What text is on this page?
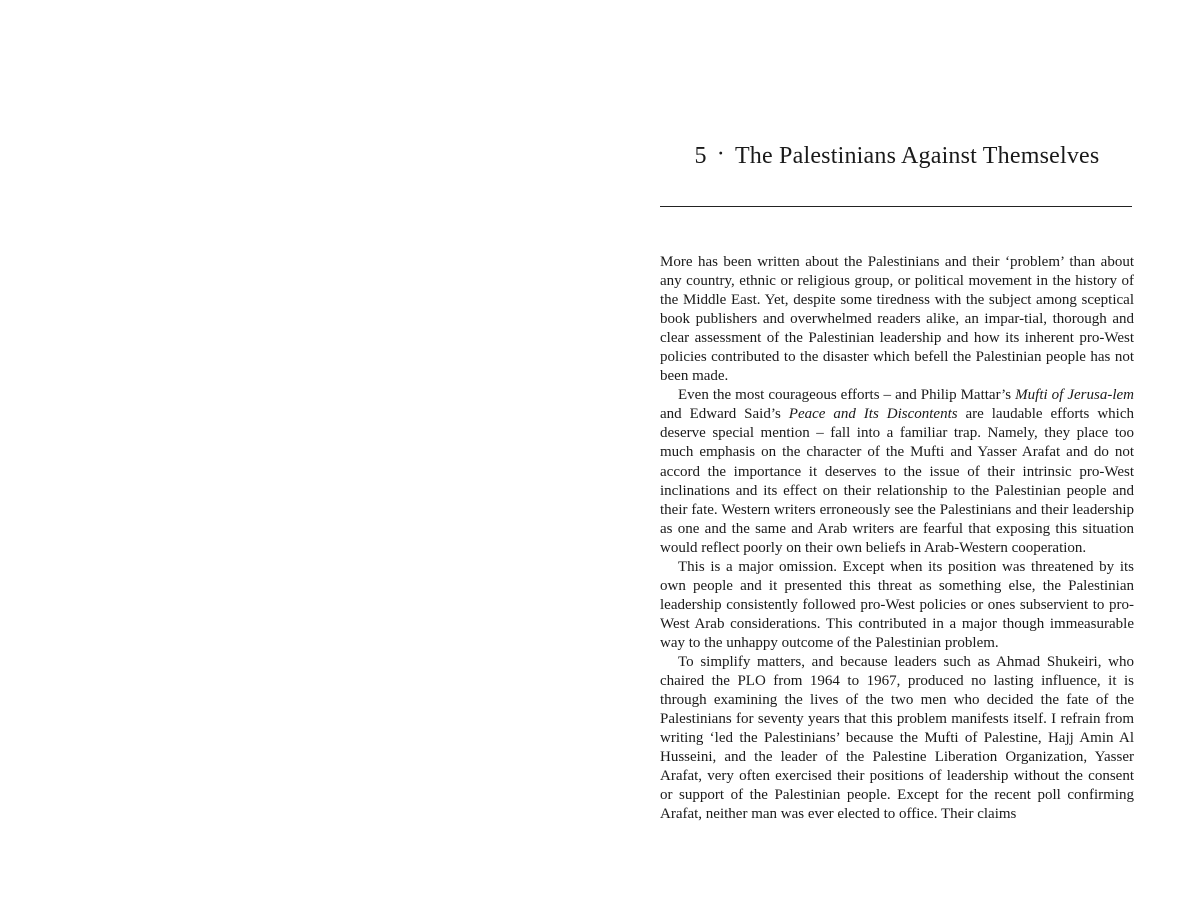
5 · The Palestinians Against Themselves

More has been written about the Palestinians and their ‘problem’ than about any country, ethnic or religious group, or political movement in the history of the Middle East. Yet, despite some tiredness with the subject among sceptical book publishers and overwhelmed readers alike, an impar-tial, thorough and clear assessment of the Palestinian leadership and how its inherent pro-West policies contributed to the disaster which befell the Palestinian people has not been made.

Even the most courageous efforts – and Philip Mattar’s Mufti of Jerusa-lem and Edward Said’s Peace and Its Discontents are laudable efforts which deserve special mention – fall into a familiar trap. Namely, they place too much emphasis on the character of the Mufti and Yasser Arafat and do not accord the importance it deserves to the issue of their intrinsic pro-West inclinations and its effect on their relationship to the Palestinian people and their fate. Western writers erroneously see the Palestinians and their leadership as one and the same and Arab writers are fearful that exposing this situation would reflect poorly on their own beliefs in Arab-Western cooperation.

This is a major omission. Except when its position was threatened by its own people and it presented this threat as something else, the Palestinian leadership consistently followed pro-West policies or ones subservient to pro-West Arab considerations. This contributed in a major though immeasurable way to the unhappy outcome of the Palestinian problem.

To simplify matters, and because leaders such as Ahmad Shukeiri, who chaired the PLO from 1964 to 1967, produced no lasting influence, it is through examining the lives of the two men who decided the fate of the Palestinians for seventy years that this problem manifests itself. I refrain from writing ‘led the Palestinians’ because the Mufti of Palestine, Hajj Amin Al Husseini, and the leader of the Palestine Liberation Organization, Yasser Arafat, very often exercised their positions of leadership without the consent or support of the Palestinian people. Except for the recent poll confirming Arafat, neither man was ever elected to office. Their claims
